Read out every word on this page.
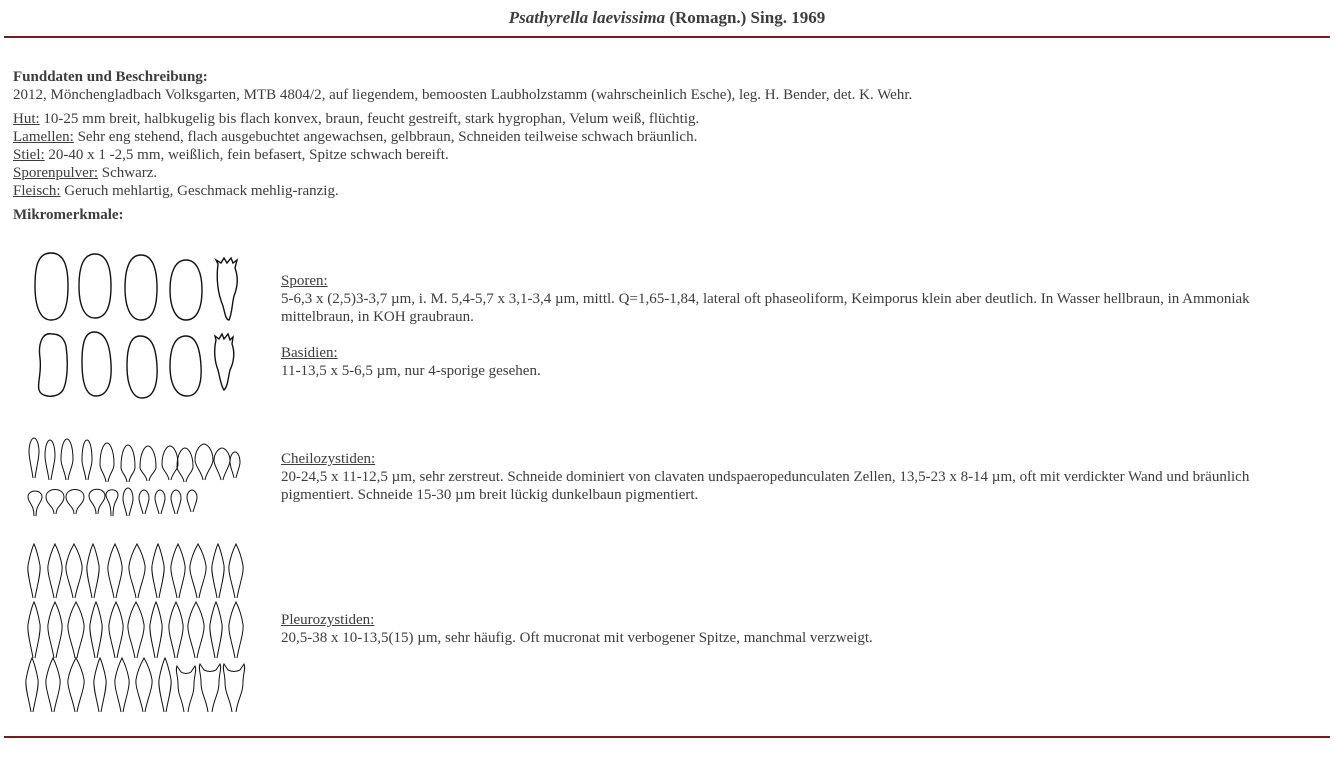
Psathyrella laevissima (Romagn.) Sing. 1969
Funddaten und Beschreibung:
2012, Mönchengladbach Volksgarten, MTB 4804/2, auf liegendem, bemoosten Laubholzstamm (wahrscheinlich Esche), leg. H. Bender, det. K. Wehr.
Hut: 10-25 mm breit, halbkugelig bis flach konvex, braun, feucht gestreift, stark hygrophan, Velum weiß, flüchtig.
Lamellen: Sehr eng stehend, flach ausgebuchtet angewachsen, gelbbraun, Schneiden teilweise schwach bräunlich.
Stiel: 20-40 x 1 -2,5 mm, weißlich, fein befasert, Spitze schwach bereift.
Sporenpulver: Schwarz.
Fleisch: Geruch mehlartig, Geschmack mehlig-ranzig.
Mikromerkmale:
Sporen:
5-6,3 x (2,5)3-3,7 µm, i. M. 5,4-5,7 x 3,1-3,4 µm, mittl. Q=1,65-1,84, lateral oft phaseoliform, Keimporus klein aber deutlich. In Wasser hellbraun, in Ammoniak mittelbraun, in KOH graubraun.
Basidien:
11-13,5 x 5-6,5 µm, nur 4-sporige gesehen.
Cheilozystiden:
20-24,5 x 11-12,5 µm, sehr zerstreut. Schneide dominiert von clavaten undspaeropedunculaten Zellen, 13,5-23 x 8-14 µm, oft mit verdickter Wand und bräunlich pigmentiert. Schneide 15-30 µm breit lückig dunkelbaun pigmentiert.
Pleurozystiden:
20,5-38 x 10-13,5(15) µm, sehr häufig. Oft mucronat mit verbogener Spitze, manchmal verzweigt.
